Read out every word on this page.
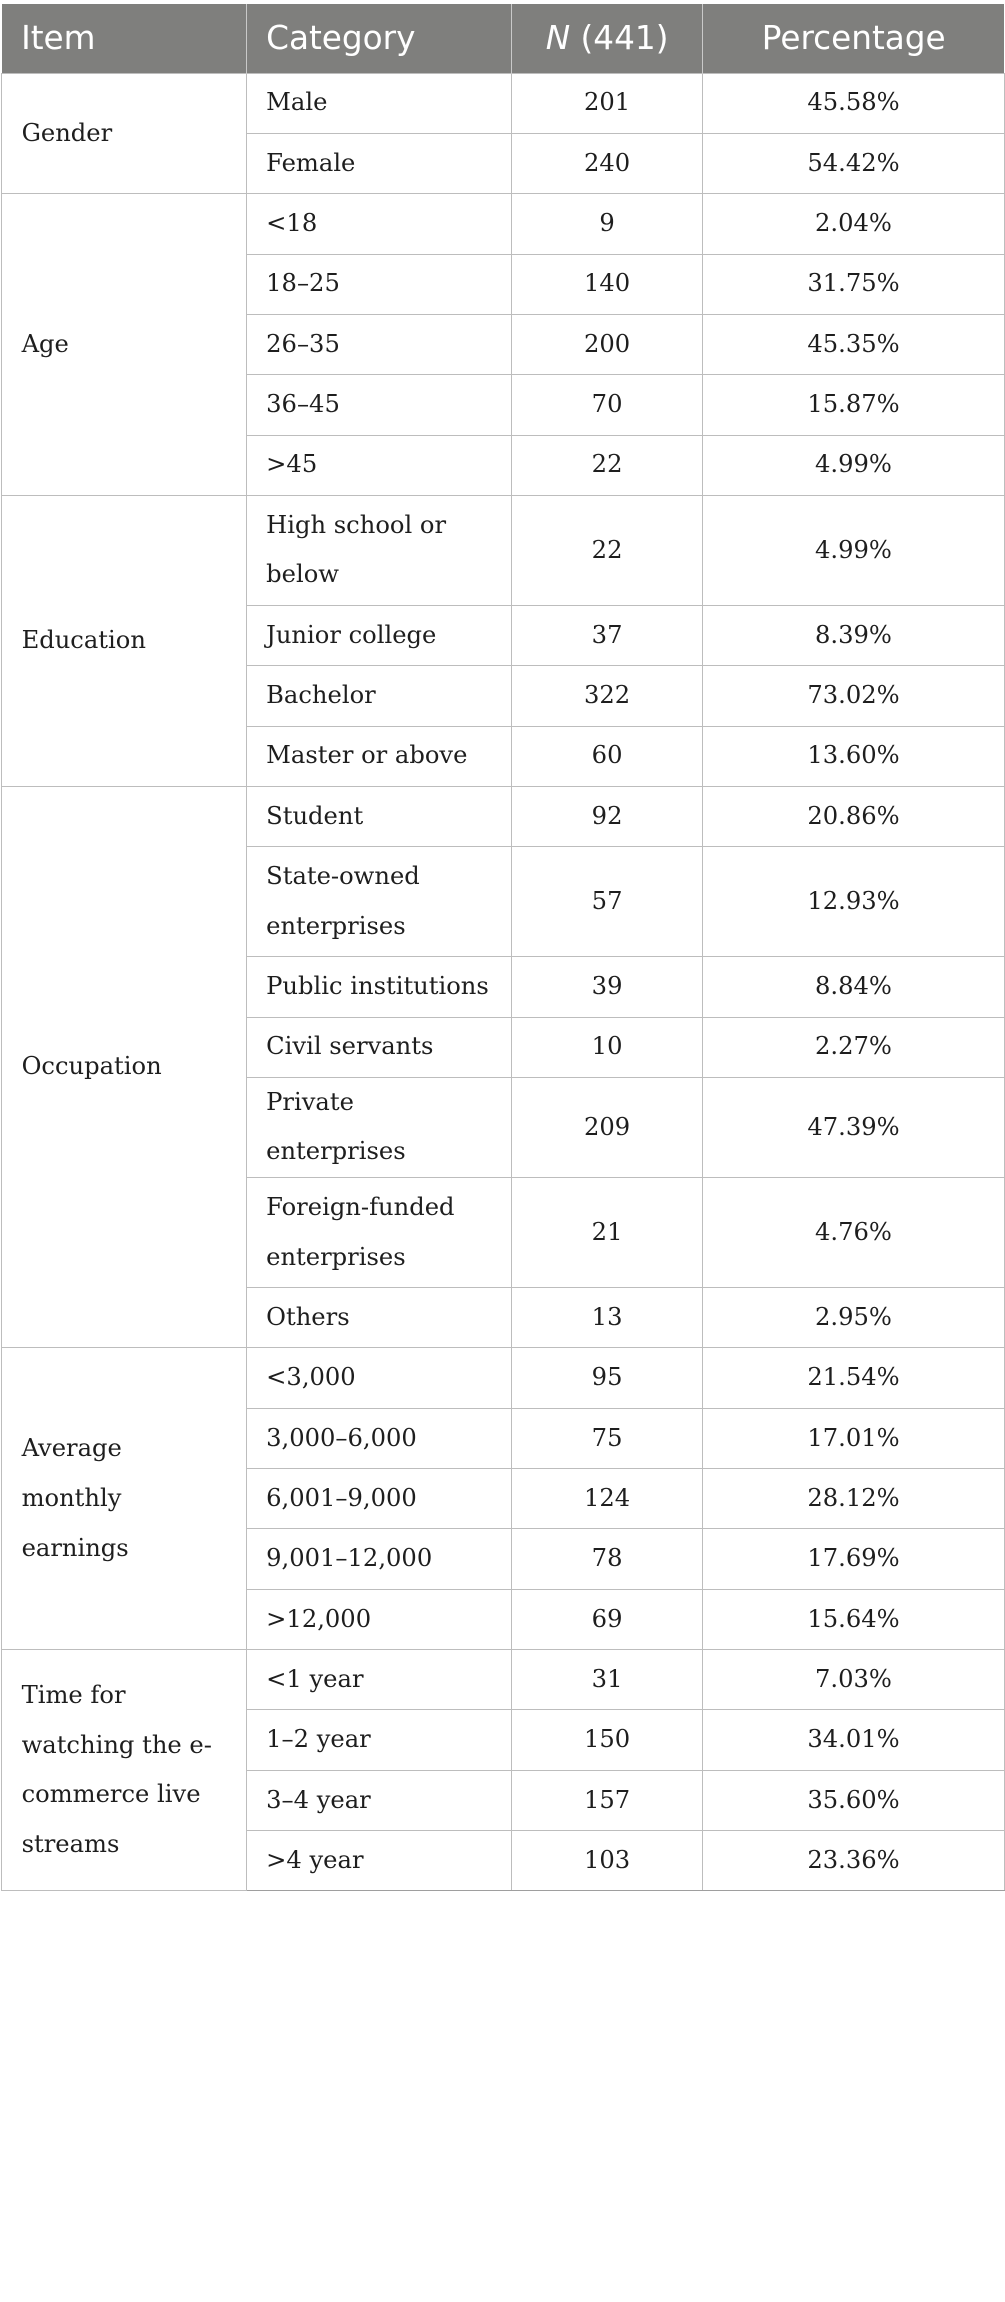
Item	Category	N (441)	Percentage
Gender	Male	201	45.58%
	Female	240	54.42%
Age	<18	9	2.04%
	18–25	140	31.75%
	26–35	200	45.35%
	36–45	70	15.87%
	>45	22	4.99%
Education	High school or below	22	4.99%
	Junior college	37	8.39%
	Bachelor	322	73.02%
	Master or above	60	13.60%
Occupation	Student	92	20.86%
	State-owned enterprises	57	12.93%
	Public institutions	39	8.84%
	Civil servants	10	2.27%
	Private enterprises	209	47.39%
	Foreign-funded enterprises	21	4.76%
	Others	13	2.95%
Average monthly earnings	<3,000	95	21.54%
	3,000–6,000	75	17.01%
	6,001–9,000	124	28.12%
	9,001–12,000	78	17.69%
	>12,000	69	15.64%
Time for watching the e-commerce live streams	<1 year	31	7.03%
	1–2 year	150	34.01%
	3–4 year	157	35.60%
	>4 year	103	23.36%
